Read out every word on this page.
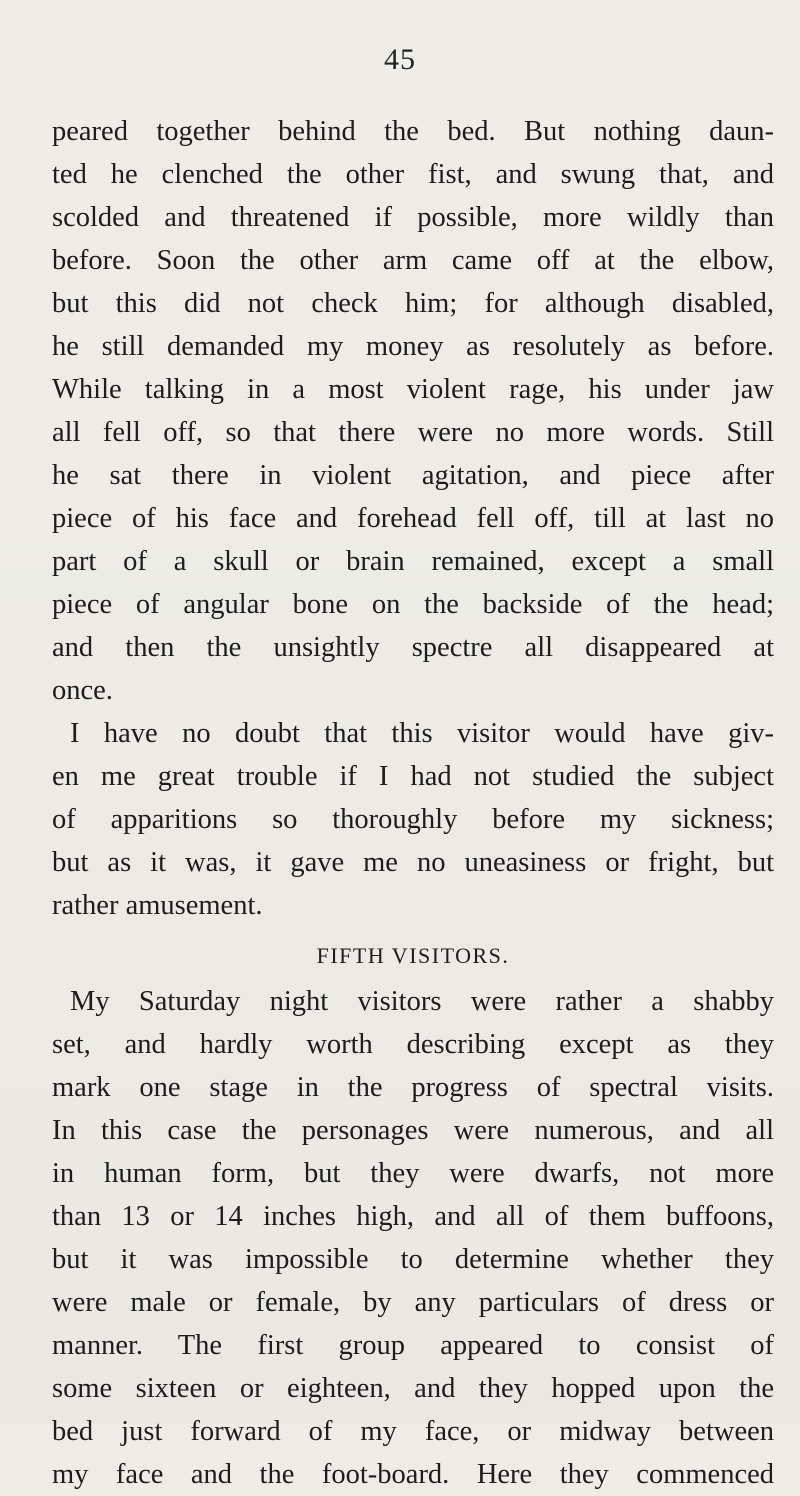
45
peared together behind the bed. But nothing daun-
ted he clenched the other fist, and swung that, and
scolded and threatened if possible, more wildly than
before. Soon the other arm came off at the elbow,
but this did not check him; for although disabled,
he still demanded my money as resolutely as before.
While talking in a most violent rage, his under jaw
all fell off, so that there were no more words. Still
he sat there in violent agitation, and piece after
piece of his face and forehead fell off, till at last no
part of a skull or brain remained, except a small
piece of angular bone on the backside of the head;
and then the unsightly spectre all disappeared at
once.
I have no doubt that this visitor would have giv-
en me great trouble if I had not studied the subject
of apparitions so thoroughly before my sickness;
but as it was, it gave me no uneasiness or fright, but
rather amusement.
FIFTH VISITORS.
My Saturday night visitors were rather a shabby
set, and hardly worth describing except as they
mark one stage in the progress of spectral visits.
In this case the personages were numerous, and all
in human form, but they were dwarfs, not more
than 13 or 14 inches high, and all of them buffoons,
but it was impossible to determine whether they
were male or female, by any particulars of dress or
manner. The first group appeared to consist of
some sixteen or eighteen, and they hopped upon the
bed just forward of my face, or midway between
my face and the foot-board. Here they commenced
